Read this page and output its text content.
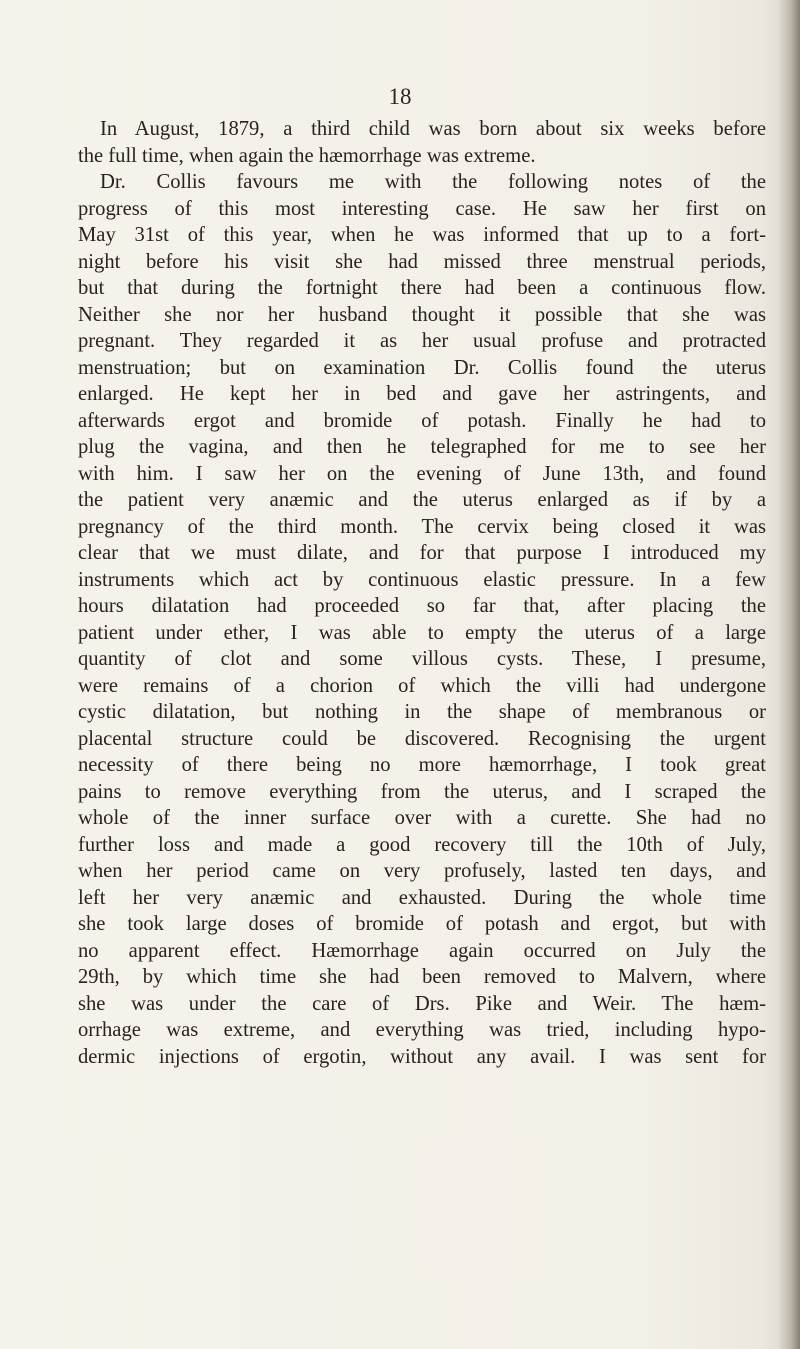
18
In August, 1879, a third child was born about six weeks before
the full time, when again the hæmorrhage was extreme.
Dr. Collis favours me with the following notes of the
progress of this most interesting case. He saw her first on
May 31st of this year, when he was informed that up to a fort-
night before his visit she had missed three menstrual periods,
but that during the fortnight there had been a continuous flow.
Neither she nor her husband thought it possible that she was
pregnant. They regarded it as her usual profuse and protracted
menstruation; but on examination Dr. Collis found the uterus
enlarged. He kept her in bed and gave her astringents, and
afterwards ergot and bromide of potash. Finally he had to
plug the vagina, and then he telegraphed for me to see her
with him. I saw her on the evening of June 13th, and found
the patient very anæmic and the uterus enlarged as if by a
pregnancy of the third month. The cervix being closed it was
clear that we must dilate, and for that purpose I introduced my
instruments which act by continuous elastic pressure. In a few
hours dilatation had proceeded so far that, after placing the
patient under ether, I was able to empty the uterus of a large
quantity of clot and some villous cysts. These, I presume,
were remains of a chorion of which the villi had undergone
cystic dilatation, but nothing in the shape of membranous or
placental structure could be discovered. Recognising the urgent
necessity of there being no more hæmorrhage, I took great
pains to remove everything from the uterus, and I scraped the
whole of the inner surface over with a curette. She had no
further loss and made a good recovery till the 10th of July,
when her period came on very profusely, lasted ten days, and
left her very anæmic and exhausted. During the whole time
she took large doses of bromide of potash and ergot, but with
no apparent effect. Hæmorrhage again occurred on July the
29th, by which time she had been removed to Malvern, where
she was under the care of Drs. Pike and Weir. The hæm-
orrhage was extreme, and everything was tried, including hypo-
dermic injections of ergotin, without any avail. I was sent for
